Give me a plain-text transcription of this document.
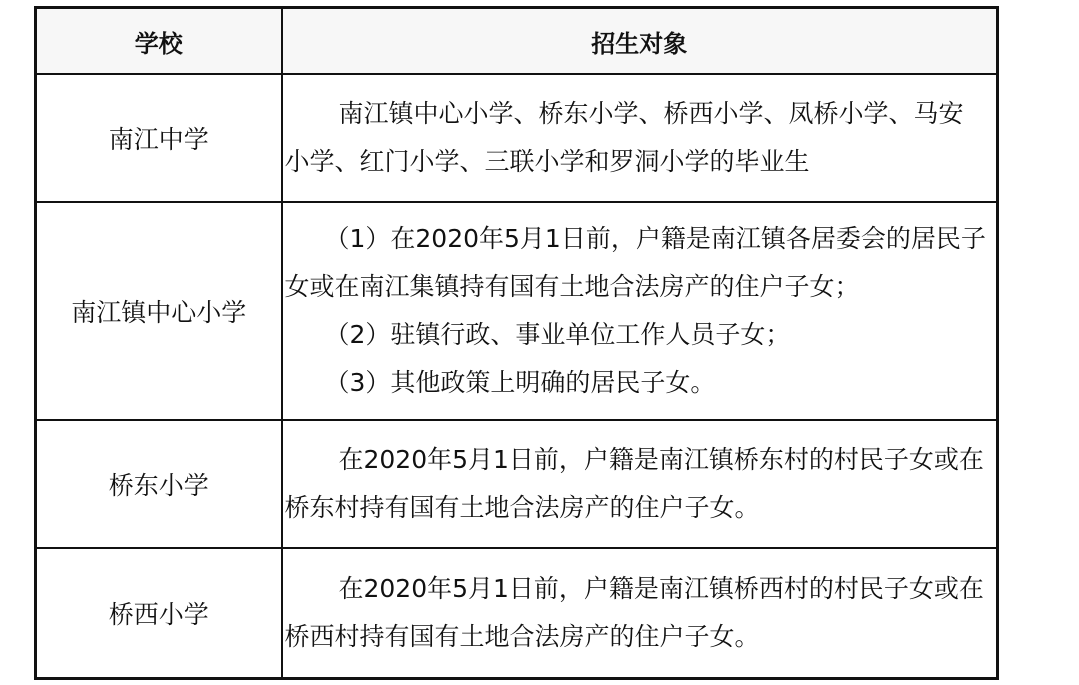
学校	招生对象
南江中学	南江镇中心小学、桥东小学、桥西小学、凤桥小学、马安小学、红门小学、三联小学和罗洞小学的毕业生

南江镇中心小学	（1）在2020年5月1日前，户籍是南江镇各居委会的居民子女或在南江集镇持有国有土地合法房产的住户子女；

（2）驻镇行政、事业单位工作人员子女；

（3）其他政策上明确的居民子女。

桥东小学	在2020年5月1日前，户籍是南江镇桥东村的村民子女或在桥东村持有国有土地合法房产的住户子女。

桥西小学	在2020年5月1日前，户籍是南江镇桥西村的村民子女或在桥西村持有国有土地合法房产的住户子女。
